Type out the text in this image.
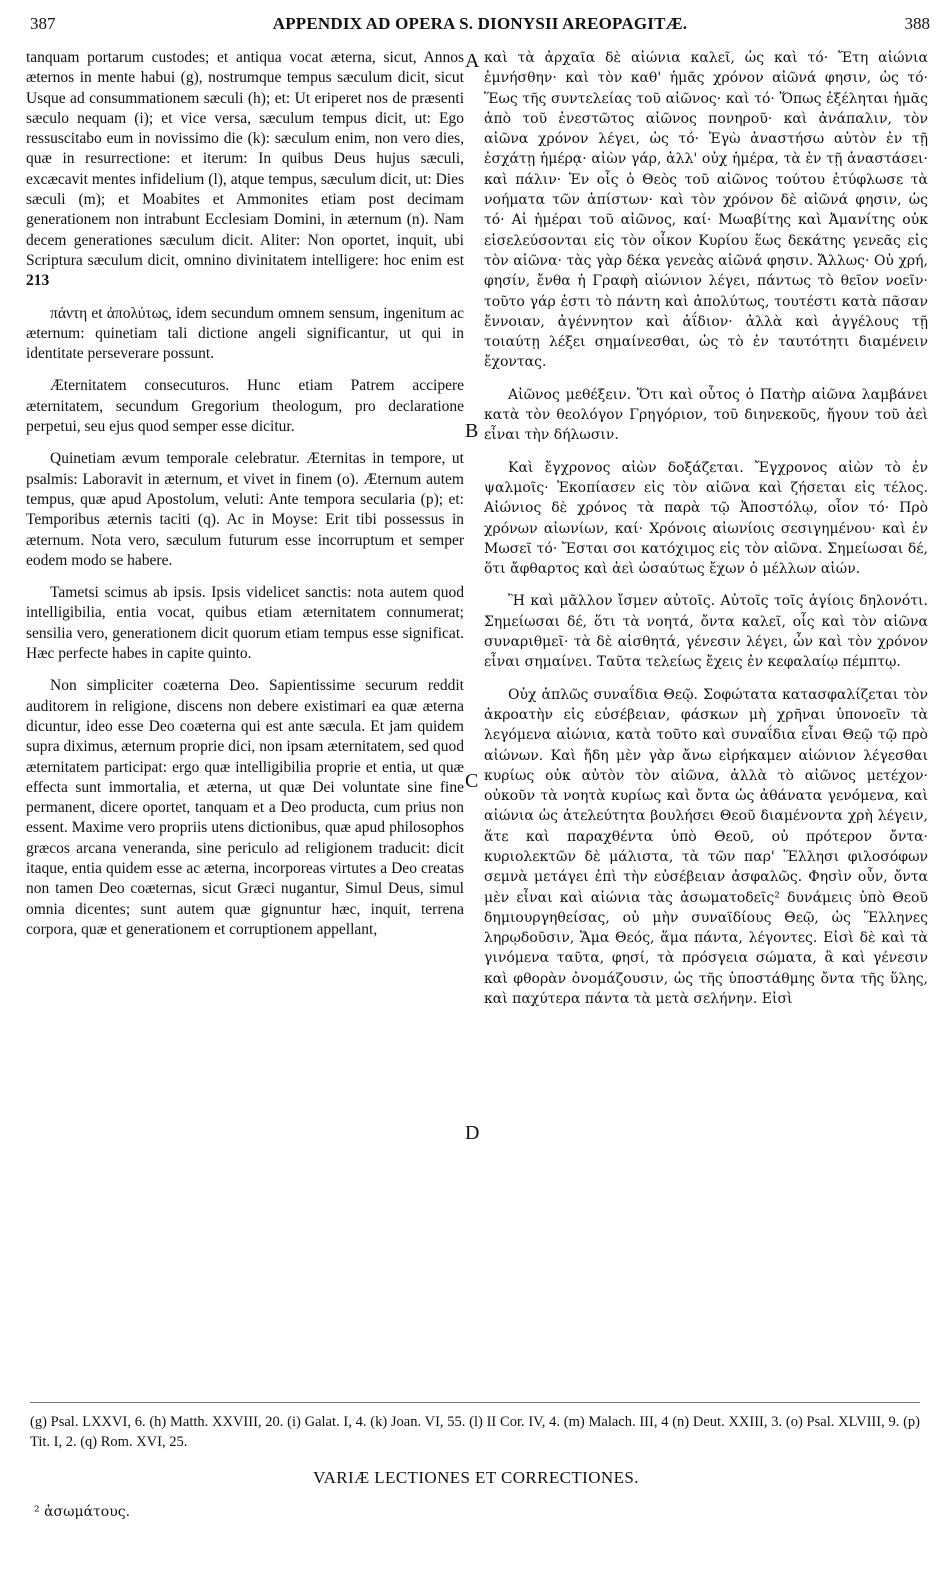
387	APPENDIX AD OPERA S. DIONYSII AREOPAGITÆ.	388

tanquam portarum custodes; et antiqua vocat æterna, sicut, Annos æternos in mente habui (g), nostrumque tempus sæculum dicit, sicut Usque ad consummationem sæculi (h); et: Ut eriperet nos de præsenti sæculo nequam (i); et vice versa, sæculum tempus dicit, ut: Ego ressuscitabo eum in novissimo die (k): sæculum enim, non vero dies, quæ in resurrectione: et iterum: In quibus Deus hujus sæculi, excæcavit mentes infidelium (l), atque tempus, sæculum dicit, ut: Dies sæculi (m); et Moabites et Ammonites etiam post decimam generationem non intrabunt Ecclesiam Domini, in æternum (n). Nam decem generationes sæculum dicit. Aliter: Non oportet, inquit, ubi Scriptura sæculum dicit, omnino divinitatem intelligere: hoc enim est 213

πάντη et ἀπολύτως, idem secundum omnem sensum, ingenitum ac æternum: quinetiam tali dictione angeli significantur, ut qui in identitate perseverare possunt.

Æternitatem consecuturos. Hunc etiam Patrem accipere æternitatem, secundum Gregorium theologum, pro declaratione perpetui, seu ejus quod semper esse dicitur.

Quinetiam ævum temporale celebratur. Æternitas in tempore, ut psalmis: Laboravit in æternum, et vivet in finem (o). Æternum autem tempus, quæ apud Apostolum, veluti: Ante tempora secularia (p); et: Temporibus æternis taciti (q). Ac in Moyse: Erit tibi possessus in æternum. Nota vero, sæculum futurum esse incorruptum et semper eodem modo se habere.

Tametsi scimus ab ipsis. Ipsis videlicet sanctis: nota autem quod intelligibilia, entia vocat, quibus etiam æternitatem connumerat; sensilia vero, generationem dicit quorum etiam tempus esse significat. Hæc perfecte habes in capite quinto.

Non simpliciter coæterna Deo. Sapientissime securum reddit auditorem in religione, discens non debere existimari ea quæ æterna dicuntur, ideo esse Deo coæterna qui est ante sæcula. Et jam quidem supra diximus, æternum proprie dici, non ipsam æternitatem, sed quod æternitatem participat: ergo quæ intelligibilia proprie et entia, ut quæ effecta sunt immortalia, et æterna, ut quæ Dei voluntate sine fine permanent, dicere oportet, tanquam et a Deo producta, cum prius non essent. Maxime vero propriis utens dictionibus, quæ apud philosophos græcos arcana veneranda, sine periculo ad religionem traducit: dicit itaque, entia quidem esse ac æterna, incorporeas virtutes a Deo creatas non tamen Deo coæternas, sicut Græci nugantur, Simul Deus, simul omnia dicentes; sunt autem quæ gignuntur hæc, inquit, terrena corpora, quæ et generationem et corruptionem appellant,

A
B
C
D

καὶ τὰ ἀρχαῖα δὲ αἰώνια καλεῖ, ὡς καὶ τό· Ἔτη αἰώνια ἐμνήσθην· καὶ τὸν καθ' ἡμᾶς χρόνον αἰῶνά φησιν, ὡς τό· Ἕως τῆς συντελείας τοῦ αἰῶνος· καὶ τό· Ὅπως ἐξέληται ἡμᾶς ἀπὸ τοῦ ἐνεστῶτος αἰῶνος πονηροῦ· καὶ ἀνάπαλιν, τὸν αἰῶνα χρόνον λέγει, ὡς τό· Ἐγὼ ἀναστήσω αὐτὸν ἐν τῇ ἐσχάτῃ ἡμέρᾳ· αἰὼν γάρ, ἀλλ' οὐχ ἡμέρα, τὰ ἐν τῇ ἀναστάσει· καὶ πάλιν· Ἐν οἷς ὁ Θεὸς τοῦ αἰῶνος τούτου ἐτύφλωσε τὰ νοήματα τῶν ἀπίστων· καὶ τὸν χρόνον δὲ αἰῶνά φησιν, ὡς τό· Αἱ ἡμέραι τοῦ αἰῶνος, καί· Μωαβίτης καὶ Ἀμανίτης οὐκ εἰσελεύσονται εἰς τὸν οἶκον Κυρίου ἕως δεκάτης γενεᾶς εἰς τὸν αἰῶνα· τὰς γὰρ δέκα γενεὰς αἰῶνά φησιν. Ἄλλως· Οὐ χρή, φησίν, ἔνθα ἡ Γραφὴ αἰώνιον λέγει, πάντως τὸ θεῖον νοεῖν· τοῦτο γάρ ἐστι τὸ πάντη καὶ ἀπολύτως, τουτέστι κατὰ πᾶσαν ἔννοιαν, ἀγέννητον καὶ ἀΐδιον· ἀλλὰ καὶ ἀγγέλους τῇ τοιαύτῃ λέξει σημαίνεσθαι, ὡς τὸ ἐν ταυτότητι διαμένειν ἔχοντας.

Αἰῶνος μεθέξειν. Ὅτι καὶ οὗτος ὁ Πατὴρ αἰῶνα λαμβάνει κατὰ τὸν θεολόγον Γρηγόριον, τοῦ διηνεκοῦς, ἤγουν τοῦ ἀεὶ εἶναι τὴν δήλωσιν.

Καὶ ἔγχρονος αἰὼν δοξάζεται. Ἔγχρονος αἰὼν τὸ ἐν ψαλμοῖς· Ἐκοπίασεν εἰς τὸν αἰῶνα καὶ ζήσεται εἰς τέλος. Αἰώνιος δὲ χρόνος τὰ παρὰ τῷ Ἀποστόλῳ, οἷον τό· Πρὸ χρόνων αἰωνίων, καί· Χρόνοις αἰωνίοις σεσιγημένου· καὶ ἐν Μωσεῖ τό· Ἔσται σοι κατόχιμος εἰς τὸν αἰῶνα. Σημείωσαι δέ, ὅτι ἄφθαρτος καὶ ἀεὶ ὡσαύτως ἔχων ὁ μέλλων αἰών.

Ἢ καὶ μᾶλλον ἴσμεν αὐτοῖς. Αὐτοῖς τοῖς ἁγίοις δηλονότι. Σημείωσαι δέ, ὅτι τὰ νοητά, ὄντα καλεῖ, οἷς καὶ τὸν αἰῶνα συναριθμεῖ· τὰ δὲ αἰσθητά, γένεσιν λέγει, ὧν καὶ τὸν χρόνον εἶναι σημαίνει. Ταῦτα τελείως ἔχεις ἐν κεφαλαίῳ πέμπτῳ.

Οὐχ ἁπλῶς συναΐδια Θεῷ. Σοφώτατα κατασφαλίζεται τὸν ἀκροατὴν εἰς εὐσέβειαν, φάσκων μὴ χρῆναι ὑπονοεῖν τὰ λεγόμενα αἰώνια, κατὰ τοῦτο καὶ συναΐδια εἶναι Θεῷ τῷ πρὸ αἰώνων. Καὶ ἤδη μὲν γὰρ ἄνω εἰρήκαμεν αἰώνιον λέγεσθαι κυρίως οὐκ αὐτὸν τὸν αἰῶνα, ἀλλὰ τὸ αἰῶνος μετέχον· οὐκοῦν τὰ νοητὰ κυρίως καὶ ὄντα ὡς ἀθάνατα γενόμενα, καὶ αἰώνια ὡς ἀτελεύτητα βουλήσει Θεοῦ διαμένοντα χρὴ λέγειν, ἅτε καὶ παραχθέντα ὑπὸ Θεοῦ, οὐ πρότερον ὄντα· κυριολεκτῶν δὲ μάλιστα, τὰ τῶν παρ' Ἕλλησι φιλοσόφων σεμνὰ μετάγει ἐπὶ τὴν εὐσέβειαν ἀσφαλῶς. Φησὶν οὖν, ὄντα μὲν εἶναι καὶ αἰώνια τὰς ἀσωματοδεῖς² δυνάμεις ὑπὸ Θεοῦ δημιουργηθείσας, οὐ μὴν συναϊδίους Θεῷ, ὡς Ἕλληνες ληρῳδοῦσιν, Ἅμα Θεός, ἅμα πάντα, λέγοντες. Εἰσὶ δὲ καὶ τὰ γινόμενα ταῦτα, φησί, τὰ πρόσγεια σώματα, ἃ καὶ γένεσιν καὶ φθορὰν ὀνομάζουσιν, ὡς τῆς ὑποστάθμης ὄντα τῆς ὕλης, καὶ παχύτερα πάντα τὰ μετὰ σελήνην. Εἰσὶ

(g) Psal. LXXVI, 6. (h) Matth. XXVIII, 20. (i) Galat. I, 4. (k) Joan. VI, 55. (l) II Cor. IV, 4. (m) Malach. III, 4 (n) Deut. XXIII, 3. (o) Psal. XLVIII, 9. (p) Tit. I, 2. (q) Rom. XVI, 25.
VARIÆ LECTIONES ET CORRECTIONES.
² ἀσωμάτους.
